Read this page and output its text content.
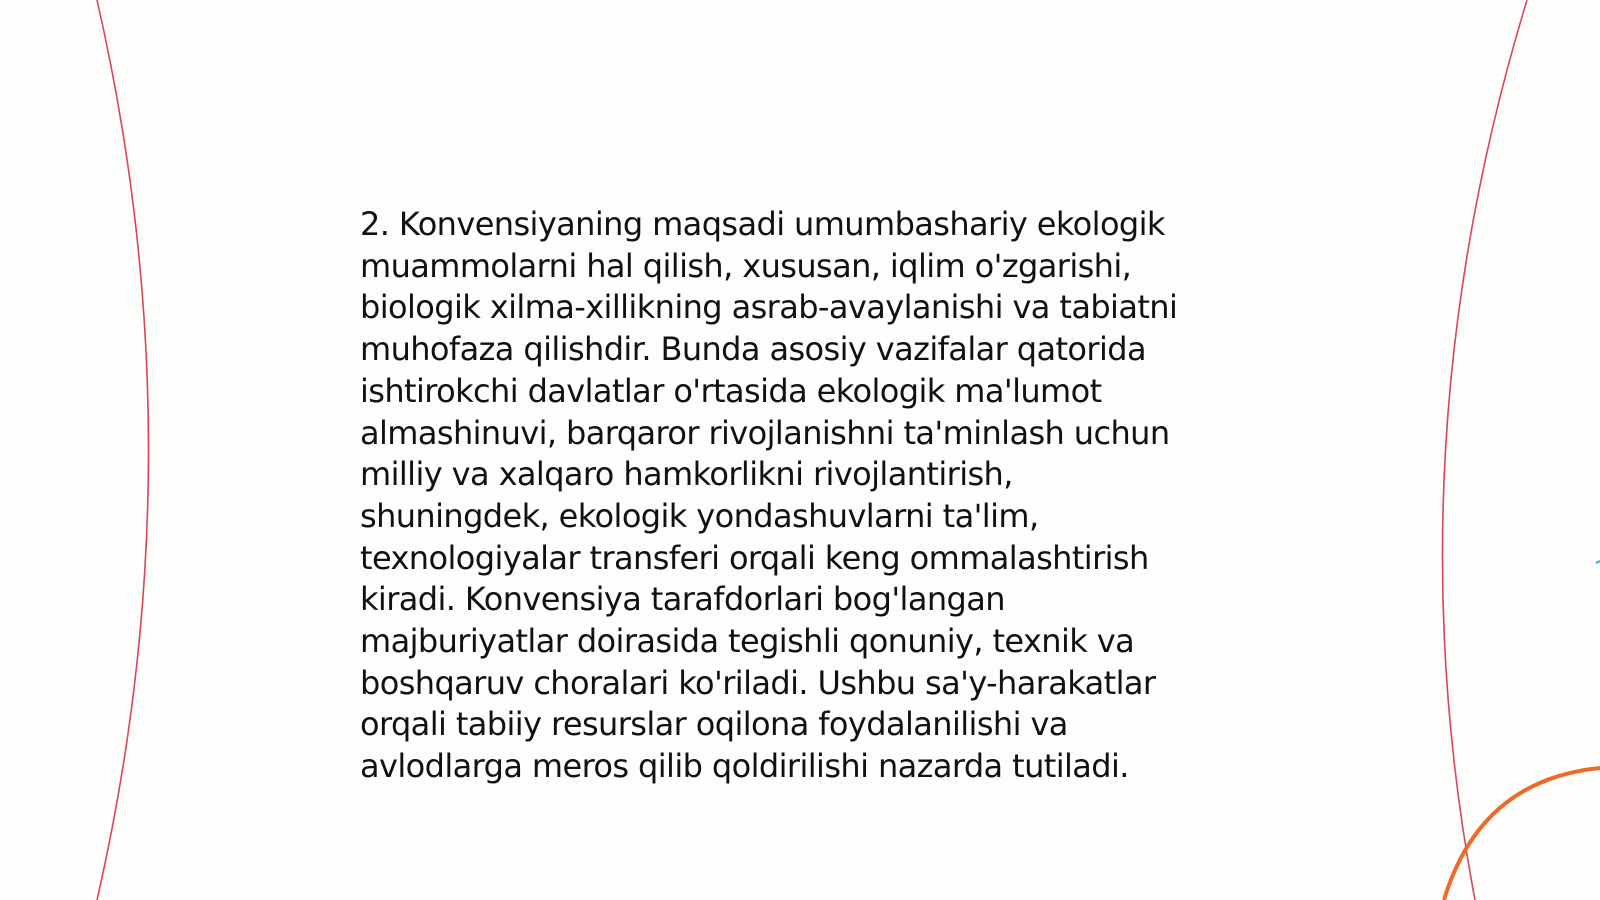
2. Konvensiyaning maqsadi umumbashariy ekologik
muammolarni hal qilish, xususan, iqlim o'zgarishi,
biologik xilma-xillikning asrab-avaylanishi va tabiatni
muhofaza qilishdir. Bunda asosiy vazifalar qatorida
ishtirokchi davlatlar o'rtasida ekologik ma'lumot
almashinuvi, barqaror rivojlanishni ta'minlash uchun
milliy va xalqaro hamkorlikni rivojlantirish,
shuningdek, ekologik yondashuvlarni ta'lim,
texnologiyalar transferi orqali keng ommalashtirish
kiradi. Konvensiya tarafdorlari bog'langan
majburiyatlar doirasida tegishli qonuniy, texnik va
boshqaruv choralari ko'riladi. Ushbu sa'y-harakatlar
orqali tabiiy resurslar oqilona foydalanilishi va
avlodlarga meros qilib qoldirilishi nazarda tutiladi.
